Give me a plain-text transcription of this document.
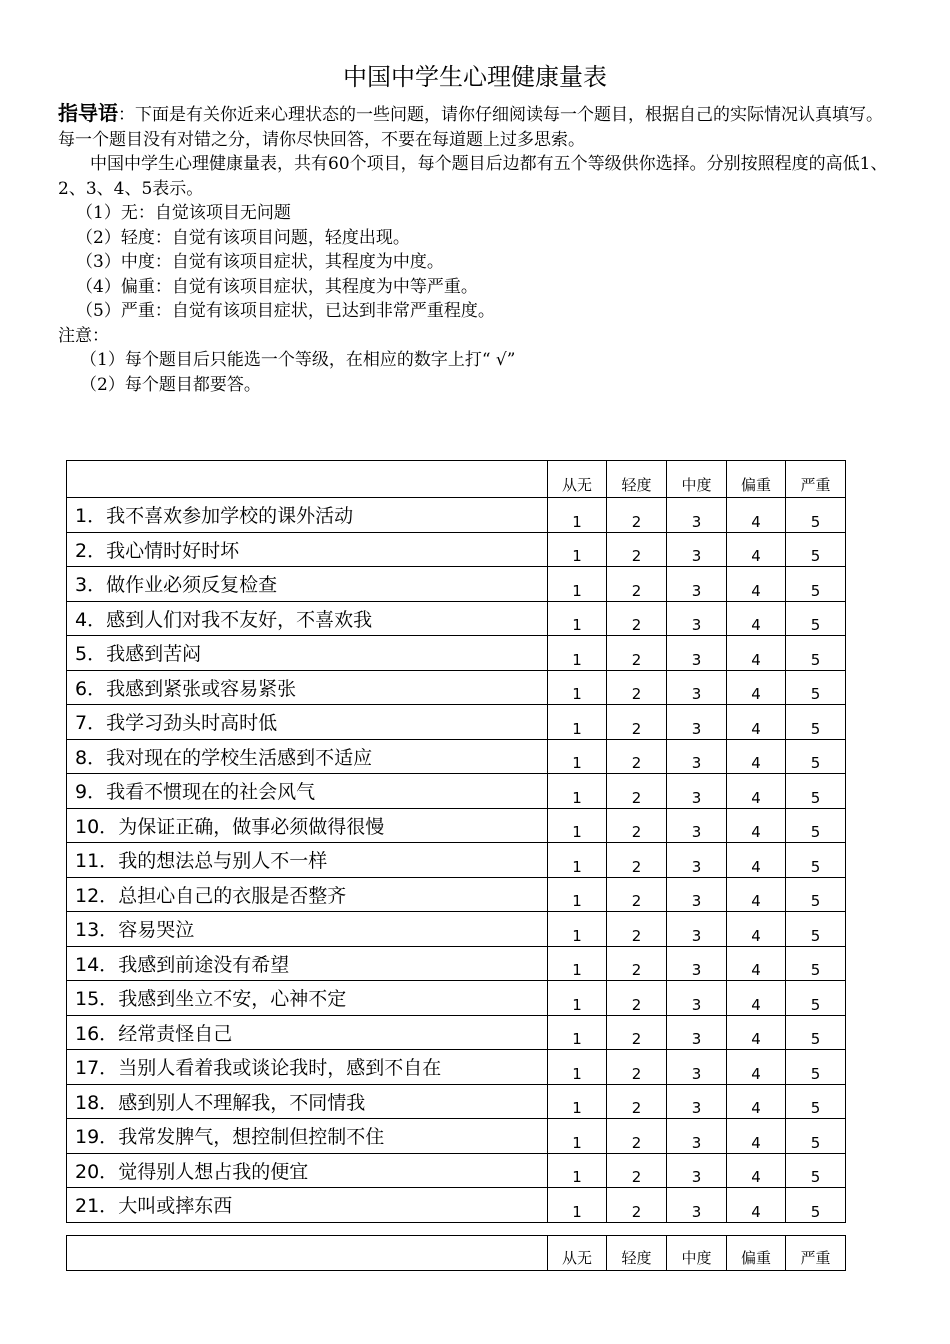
中国中学生心理健康量表

指导语：下面是有关你近来心理状态的一些问题，请你仔细阅读每一个题目，根据自己的实际情况认真填写。每一个题目没有对错之分，请你尽快回答，不要在每道题上过多思索。

中国中学生心理健康量表，共有60个项目，每个题目后边都有五个等级供你选择。分别按照程度的高低1、2、3、4、5表示。

（1）无：自觉该项目无问题

（2）轻度：自觉有该项目问题，轻度出现。

（3）中度：自觉有该项目症状，其程度为中度。

（4）偏重：自觉有该项目症状，其程度为中等严重。

（5）严重：自觉有该项目症状，已达到非常严重程度。

注意：

（1）每个题目后只能选一个等级，在相应的数字上打“ √”

（2）每个题目都要答。

	从无	轻度	中度	偏重	严重
1．我不喜欢参加学校的课外活动	1	2	3	4	5
2．我心情时好时坏	1	2	3	4	5
3．做作业必须反复检查	1	2	3	4	5
4．感到人们对我不友好，不喜欢我	1	2	3	4	5
5．我感到苦闷	1	2	3	4	5
6．我感到紧张或容易紧张	1	2	3	4	5
7．我学习劲头时高时低	1	2	3	4	5
8．我对现在的学校生活感到不适应	1	2	3	4	5
9．我看不惯现在的社会风气	1	2	3	4	5
10．为保证正确，做事必须做得很慢	1	2	3	4	5
11．我的想法总与别人不一样	1	2	3	4	5
12．总担心自己的衣服是否整齐	1	2	3	4	5
13．容易哭泣	1	2	3	4	5
14．我感到前途没有希望	1	2	3	4	5
15．我感到坐立不安，心神不定	1	2	3	4	5
16．经常责怪自己	1	2	3	4	5
17．当别人看着我或谈论我时，感到不自在	1	2	3	4	5
18．感到别人不理解我，不同情我	1	2	3	4	5
19．我常发脾气，想控制但控制不住	1	2	3	4	5
20．觉得别人想占我的便宜	1	2	3	4	5
21．大叫或摔东西	1	2	3	4	5
	从无	轻度	中度	偏重	严重
